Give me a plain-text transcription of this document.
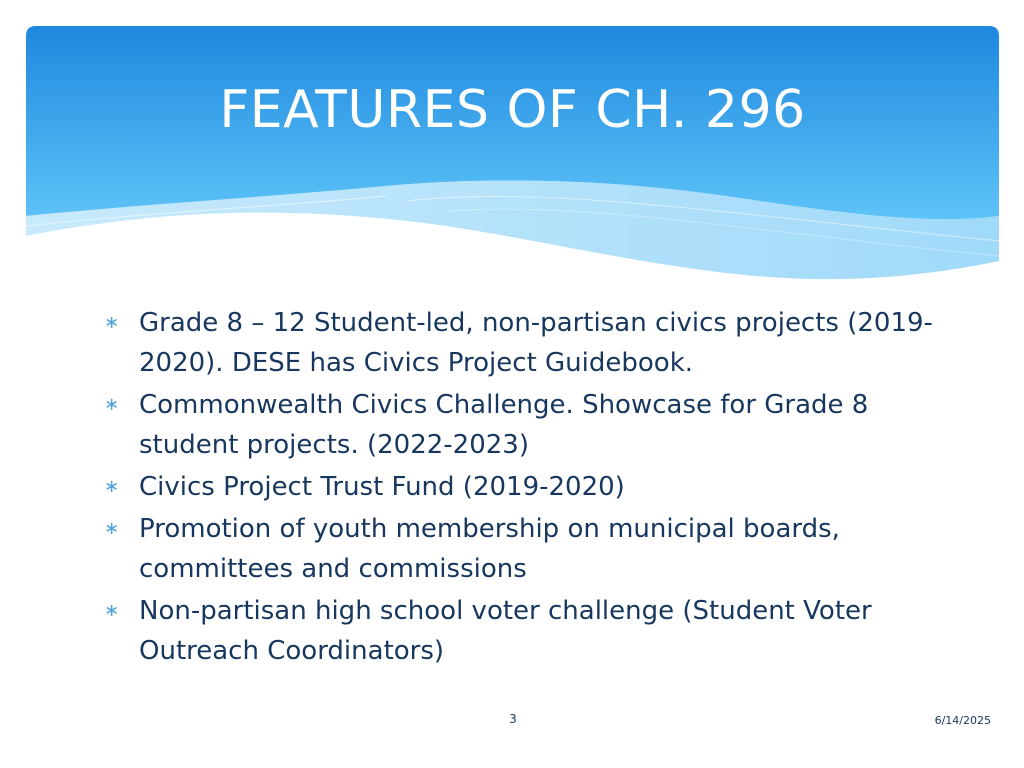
FEATURES OF CH. 296
∗ Grade 8 – 12 Student-led, non-partisan civics projects (2019-2020). DESE has Civics Project Guidebook.
∗ Commonwealth Civics Challenge. Showcase for Grade 8 student projects. (2022-2023)
∗ Civics Project Trust Fund (2019-2020)
∗ Promotion of youth membership on municipal boards, committees and commissions
∗ Non-partisan high school voter challenge (Student Voter Outreach Coordinators)
3	6/14/2025
